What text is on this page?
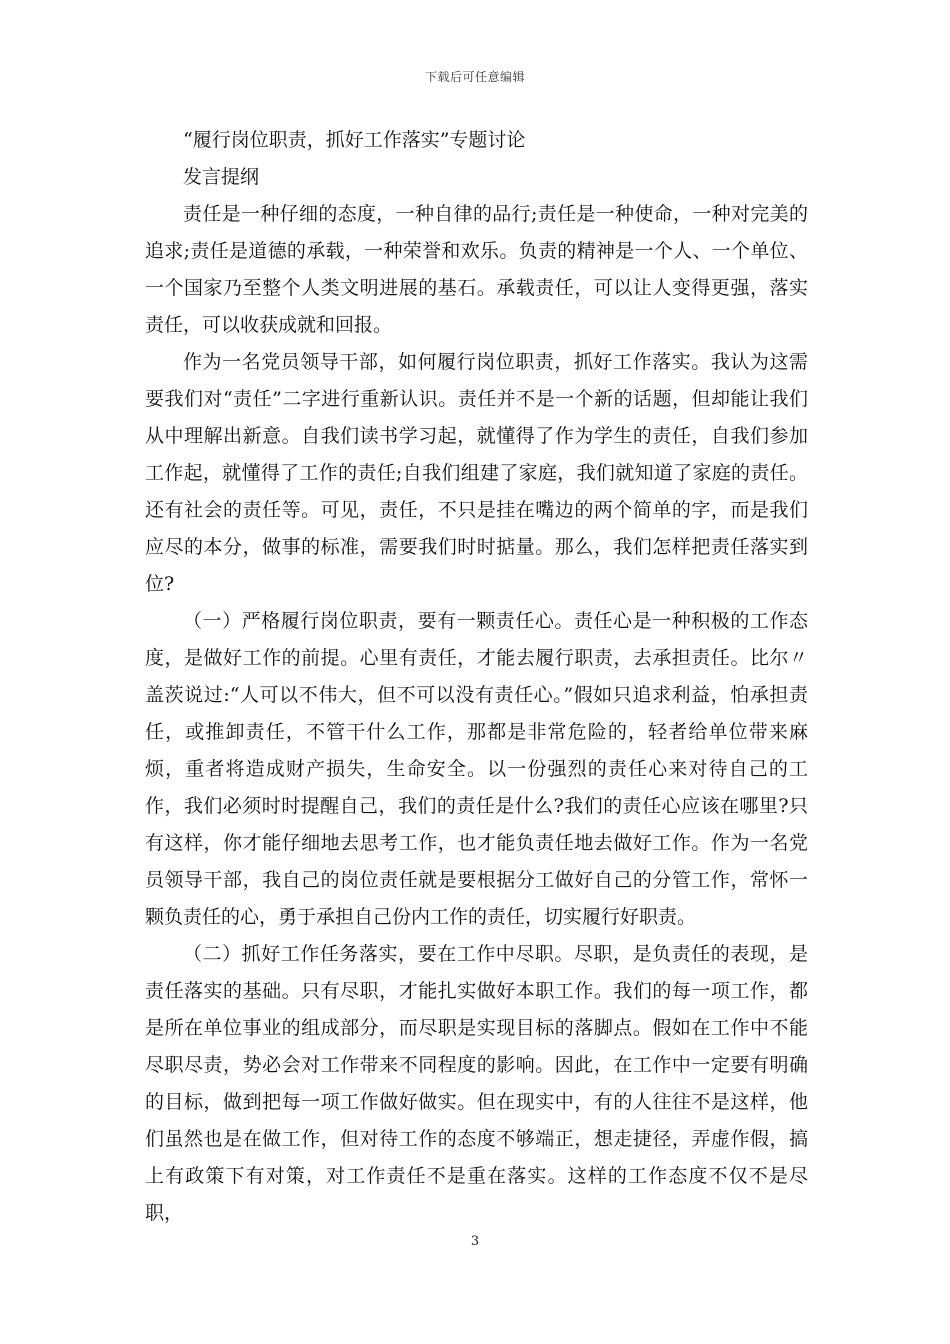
下载后可任意编辑

“履行岗位职责，抓好工作落实”专题讨论

发言提纲

责任是一种仔细的态度，一种自律的品行;责任是一种使命，一种对完美的追求;责任是道德的承载，一种荣誉和欢乐。负责的精神是一个人、一个单位、一个国家乃至整个人类文明进展的基石。承载责任，可以让人变得更强，落实责任，可以收获成就和回报。

作为一名党员领导干部，如何履行岗位职责，抓好工作落实。我认为这需要我们对“责任”二字进行重新认识。责任并不是一个新的话题，但却能让我们从中理解出新意。自我们读书学习起，就懂得了作为学生的责任，自我们参加工作起，就懂得了工作的责任;自我们组建了家庭，我们就知道了家庭的责任。还有社会的责任等。可见，责任，不只是挂在嘴边的两个简单的字，而是我们应尽的本分，做事的标准，需要我们时时掂量。那么，我们怎样把责任落实到位?

（一）严格履行岗位职责，要有一颗责任心。责任心是一种积极的工作态度，是做好工作的前提。心里有责任，才能去履行职责，去承担责任。比尔〃盖茨说过:“人可以不伟大，但不可以没有责任心。”假如只追求利益，怕承担责任，或推卸责任，不管干什么工作，那都是非常危险的，轻者给单位带来麻烦，重者将造成财产损失，生命安全。以一份强烈的责任心来对待自己的工作，我们必须时时提醒自己，我们的责任是什么?我们的责任心应该在哪里?只有这样，你才能仔细地去思考工作，也才能负责任地去做好工作。作为一名党员领导干部，我自己的岗位责任就是要根据分工做好自己的分管工作，常怀一颗负责任的心，勇于承担自己份内工作的责任，切实履行好职责。

（二）抓好工作任务落实，要在工作中尽职。尽职，是负责任的表现，是责任落实的基础。只有尽职，才能扎实做好本职工作。我们的每一项工作，都是所在单位事业的组成部分，而尽职是实现目标的落脚点。假如在工作中不能尽职尽责，势必会对工作带来不同程度的影响。因此，在工作中一定要有明确的目标，做到把每一项工作做好做实。但在现实中，有的人往往不是这样，他们虽然也是在做工作，但对待工作的态度不够端正，想走捷径，弄虚作假，搞上有政策下有对策，对工作责任不是重在落实。这样的工作态度不仅不是尽职，

3
